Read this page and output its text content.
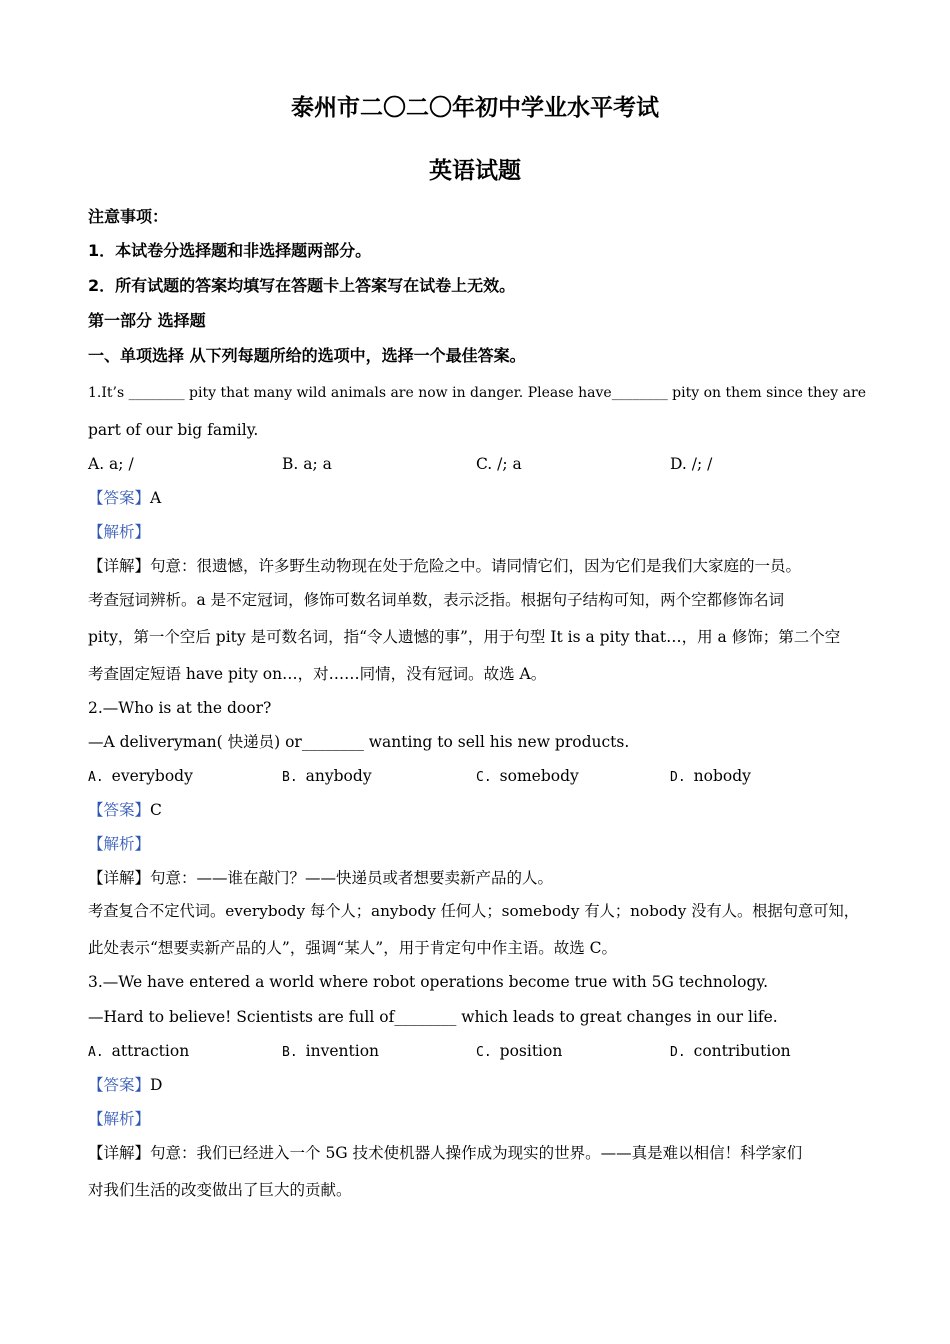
泰州市二〇二〇年初中学业水平考试
英语试题
注意事项：
1．本试卷分选择题和非选择题两部分。
2．所有试题的答案均填写在答题卡上答案写在试卷上无效。
第一部分 选择题
一、单项选择 从下列每题所给的选项中，选择一个最佳答案。
1.It’s ________ pity that many wild animals are now in danger. Please have________ pity on them since they are
part of our big family.
A. a; /	B. a; a	C. /; a	D. /; /
【答案】A
【解析】
【详解】句意：很遗憾，许多野生动物现在处于危险之中。请同情它们，因为它们是我们大家庭的一员。
考查冠词辨析。a 是不定冠词，修饰可数名词单数，表示泛指。根据句子结构可知，两个空都修饰名词
pity，第一个空后 pity 是可数名词，指“令人遗憾的事”，用于句型 It is a pity that…，用 a 修饰；第二个空
考查固定短语 have pity on…，对……同情，没有冠词。故选 A。
2.—Who is at the door?
—A deliveryman( 快递员) or________ wanting to sell his new products.
A. everybody	B. anybody	C. somebody	D. nobody
【答案】C
【解析】
【详解】句意：——谁在敲门？——快递员或者想要卖新产品的人。
考查复合不定代词。everybody 每个人；anybody 任何人；somebody 有人；nobody 没有人。根据句意可知，
此处表示“想要卖新产品的人”，强调“某人”，用于肯定句中作主语。故选 C。
3.—We have entered a world where robot operations become true with 5G technology.
—Hard to believe! Scientists are full of________ which leads to great changes in our life.
A. attraction	B. invention	C. position	D. contribution
【答案】D
【解析】
【详解】句意：我们已经进入一个 5G 技术使机器人操作成为现实的世界。——真是难以相信！科学家们
对我们生活的改变做出了巨大的贡献。
